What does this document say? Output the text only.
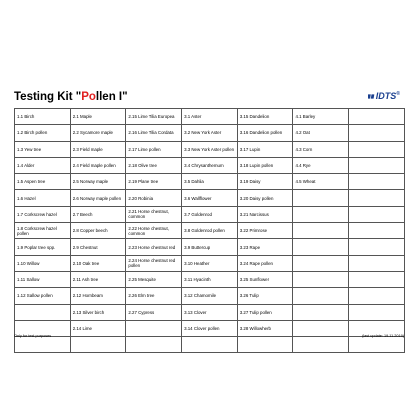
Testing Kit "Pollen I"	IDTS®
1.1 Birch	2.1 Maple	2.15 Lime Tilia Europea	3.1 Aster	3.15 Dandelion	4.1 Barley	
1.2 Birch pollen	2.2 Sycamore maple	2.16 Lime Tilia Cordata	3.2 New York Aster	3.16 Dandelion pollen	4.2 Oat	
1.3 Yew tree	2.3 Field maple	2.17 Lime pollen	3.3 New York Aster pollen	3.17 Lupin	4.3 Corn	
1.4 Alder	2.4 Field maple pollen	2.18 Olive tree	3.4 Chrysanthemum	3.18 Lupin pollen	4.4 Rye	
1.5 Aspen tree	2.5 Norway maple	2.19 Plane tree	3.5 Dahlia	3.19 Daisy	4.5 Wheat	
1.6 Hazel	2.6 Norway maple pollen	2.20 Robinia	3.6 Wallflower	3.20 Daisy pollen		
1.7 Corkscrew hazel	2.7 Beech	2.21 Horse chestnut, common	3.7 Goldenrod	3.21 Narcissus		
1.8 Corkscrew hazel pollen	2.8 Copper beech	2.22 Horse chestnut, common	3.8 Goldenrod pollen	3.22 Primrose		
1.9 Poplar tree spp.	2.9 Chestnut	2.23 Horse chestnut red	3.9 Buttercup	3.23 Rape		
1.10 Willow	2.10 Oak tree	2.24 Horse chestnut red pollen	3.10 Heather	3.24 Rape pollen		
1.11 Sallow	2.11 Ash tree	2.25 Mesquite	3.11 Hyacinth	3.25 Sunflower		
1.12 Sallow pollen	2.12 Hornbeam	2.26 Elm tree	3.12 Chamomile	3.26 Tulip		
	2.13 Silver birch	2.27 Cypress	3.13 Clover	3.27 Tulip pollen		
	2.14 Lime		3.14 Clover pollen	3.28 Willowherb		

Only for test purposes	(last update: 19.11.2019)
